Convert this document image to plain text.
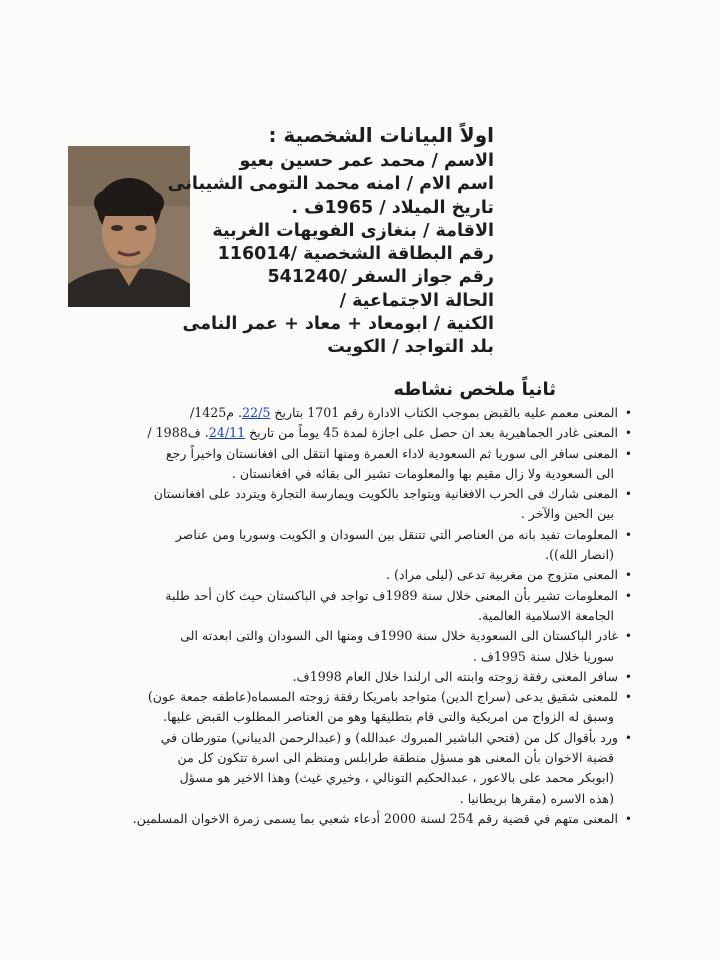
اولاً البيانات الشخصية :
الاسم / محمد عمر حسين بعيو
اسم الام / امنه محمد التومى الشيبانى
تاريخ الميلاد / 1965ف .
الاقامة / بنغازى الفويهات الغربية
رقم البطاقة الشخصية /116014
رقم جواز السفر /541240
الحالة الاجتماعية /
الكنية / ابومعاد + معاد + عمر النامى
بلد التواجد / الكويت
ثانياً ملخص نشاطه
•
المعنى معمم عليه بالقبض بموجب الكتاب الادارة رقم 1701 بتاريخ 22/5. م1425/
•
المعنى غادر الجماهيرية بعد ان حصل على اجازة لمدة 45 يوماً من تاريخ 24/11. ف1988 /
•
المعنى سافر الى سوريا ثم السعودية لاداء العمرة ومنها انتقل الى افغانستان واخيراً رجع
الى السعودية ولا زال مقيم بها والمعلومات تشير الى بقائه في افغانستان .
•
المعنى شارك فى الحرب الافغانية ويتواجد بالكويت ويمارسة التجارة ويتردد على افغانستان
بين الحين والآخر .
•
المعلومات تفيد بانه من العناصر التي تتنقل بين السودان و الكويت وسوريا ومن عناصر
(انصار الله)).
•
المعنى متزوج من مغربية تدعى (ليلى مراد) .
•
المعلومات تشير بأن المعنى خلال سنة 1989ف تواجد في الباكستان حيث كان أحد طلبة
الجامعة الاسلامية العالمية.
•
غادر الباكستان الى السعودية خلال سنة 1990ف ومنها الى السودان والتى ابعدته الى
سوريا خلال سنة 1995ف .
•
سافر المعنى رفقة زوجته وابنته الى ارلندا خلال العام 1998ف.
•
للمعنى شقيق يدعى (سراج الدين) متواجد بامريكا رفقة زوجته المسماه(عاطفه جمعة عون)
وسبق له الزواج من امريكية والتى قام بتطليقها وهو من العناصر المطلوب القبض عليها.
•
ورد بأقوال كل من (فتحي الباشير المبروك عبدالله) و (عبدالرحمن الديباني) متورطان في
قضية الاخوان بأن المعنى هو مسؤل منطقة طرابلس ومنظم الى اسرة تتكون كل من
(ابوبكر محمد على بالاعور ، عبدالحكيم التونالي ، وخيري غيث) وهذا الاخير هو مسؤل
(هذه الاسره (مقرها بريطانيا .
•
المعنى متهم في قضية رقم 254 لسنة 2000 أدعاء شعبي بما يسمى زمرة الاخوان المسلمين.
